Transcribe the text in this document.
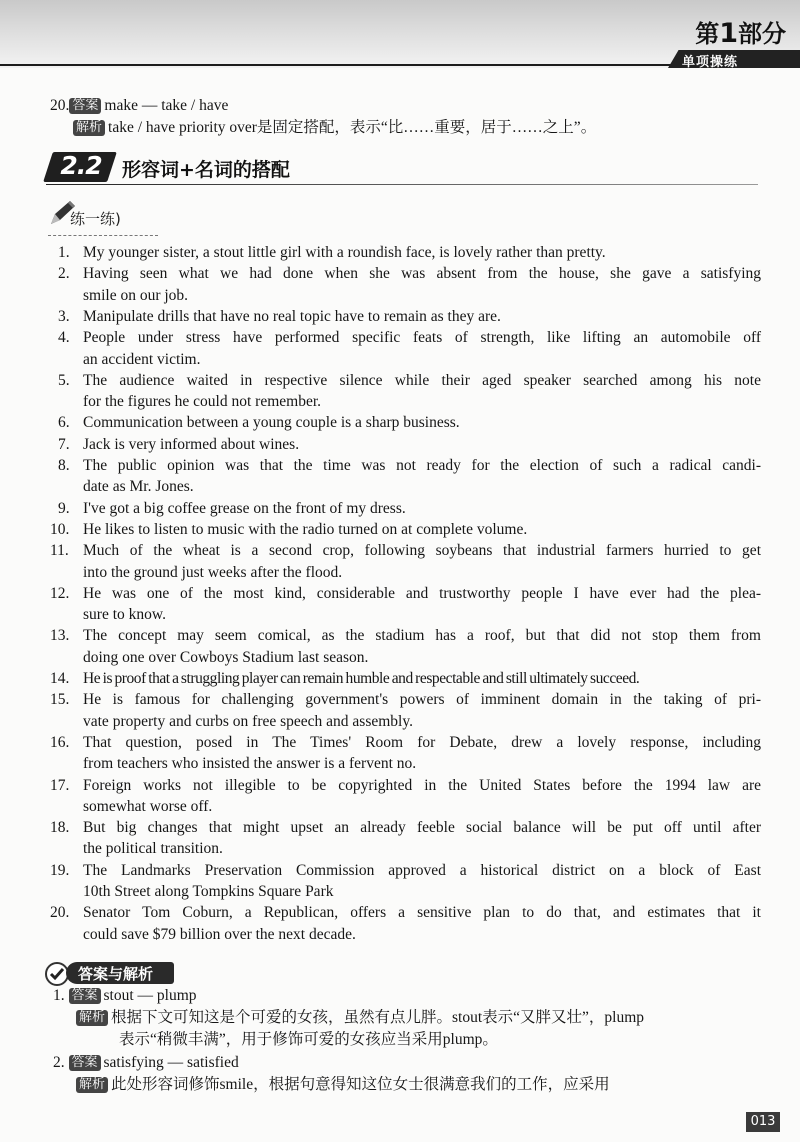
第1部分
单项操练
20. 答案 make — take / have
解析 take / have priority over是固定搭配，表示“比……重要，居于……之上”。
2.2	形容词+名词的搭配
练一练)
1. My younger sister, a stout little girl with a roundish face, is lovely rather than pretty.
2. Having seen what we had done when she was absent from the house, she gave a satisfying
smile on our job.
3. Manipulate drills that have no real topic have to remain as they are.
4. People under stress have performed specific feats of strength, like lifting an automobile off
an accident victim.
5. The audience waited in respective silence while their aged speaker searched among his note
for the figures he could not remember.
6. Communication between a young couple is a sharp business.
7. Jack is very informed about wines.
8. The public opinion was that the time was not ready for the election of such a radical candi-
date as Mr. Jones.
9. I've got a big coffee grease on the front of my dress.
10. He likes to listen to music with the radio turned on at complete volume.
11. Much of the wheat is a second crop, following soybeans that industrial farmers hurried to get
into the ground just weeks after the flood.
12. He was one of the most kind, considerable and trustworthy people I have ever had the plea-
sure to know.
13. The concept may seem comical, as the stadium has a roof, but that did not stop them from
doing one over Cowboys Stadium last season.
14. He is proof that a struggling player can remain humble and respectable and still ultimately succeed.
15. He is famous for challenging government's powers of imminent domain in the taking of pri-
vate property and curbs on free speech and assembly.
16. That question, posed in The Times' Room for Debate, drew a lovely response, including
from teachers who insisted the answer is a fervent no.
17. Foreign works not illegible to be copyrighted in the United States before the 1994 law are
somewhat worse off.
18. But big changes that might upset an already feeble social balance will be put off until after
the political transition.
19. The Landmarks Preservation Commission approved a historical district on a block of East
10th Street along Tompkins Square Park
20. Senator Tom Coburn, a Republican, offers a sensitive plan to do that, and estimates that it
could save $79 billion over the next decade.
答案与解析
1. 答案 stout — plump
解析 根据下文可知这是个可爱的女孩，虽然有点儿胖。stout表示“又胖又壮”，plump
表示“稍微丰满”，用于修饰可爱的女孩应当采用plump。
2. 答案 satisfying — satisfied
解析 此处形容词修饰smile，根据句意得知这位女士很满意我们的工作，应采用
013
